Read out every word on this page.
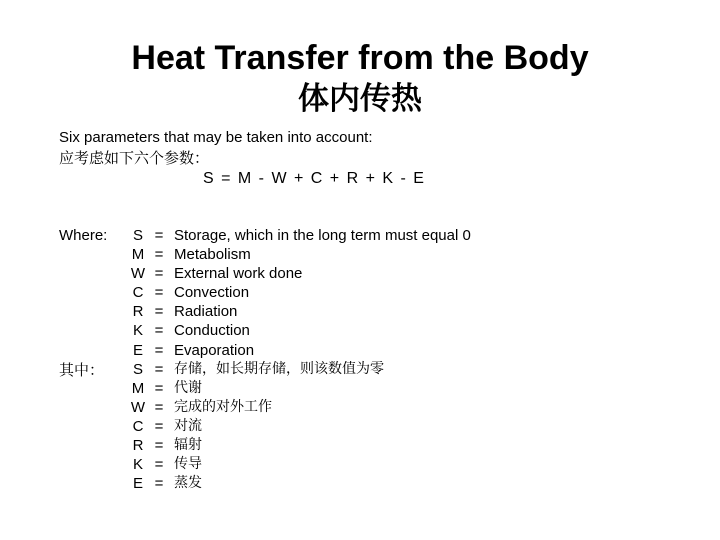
Heat Transfer from the Body
体内传热
Six parameters that may be taken into account:
应考虑如下六个参数：
S = M - W + C + R + K - E
Where:
其中：
S = Storage, which in the long term must equal 0
M = Metabolism
W = External work done
C = Convection
R = Radiation
K = Conduction
E = Evaporation
S = 存储，如长期存储，则该数值为零
M = 代谢
W = 完成的对外工作
C = 对流
R = 辐射
K = 传导
E = 蒸发
